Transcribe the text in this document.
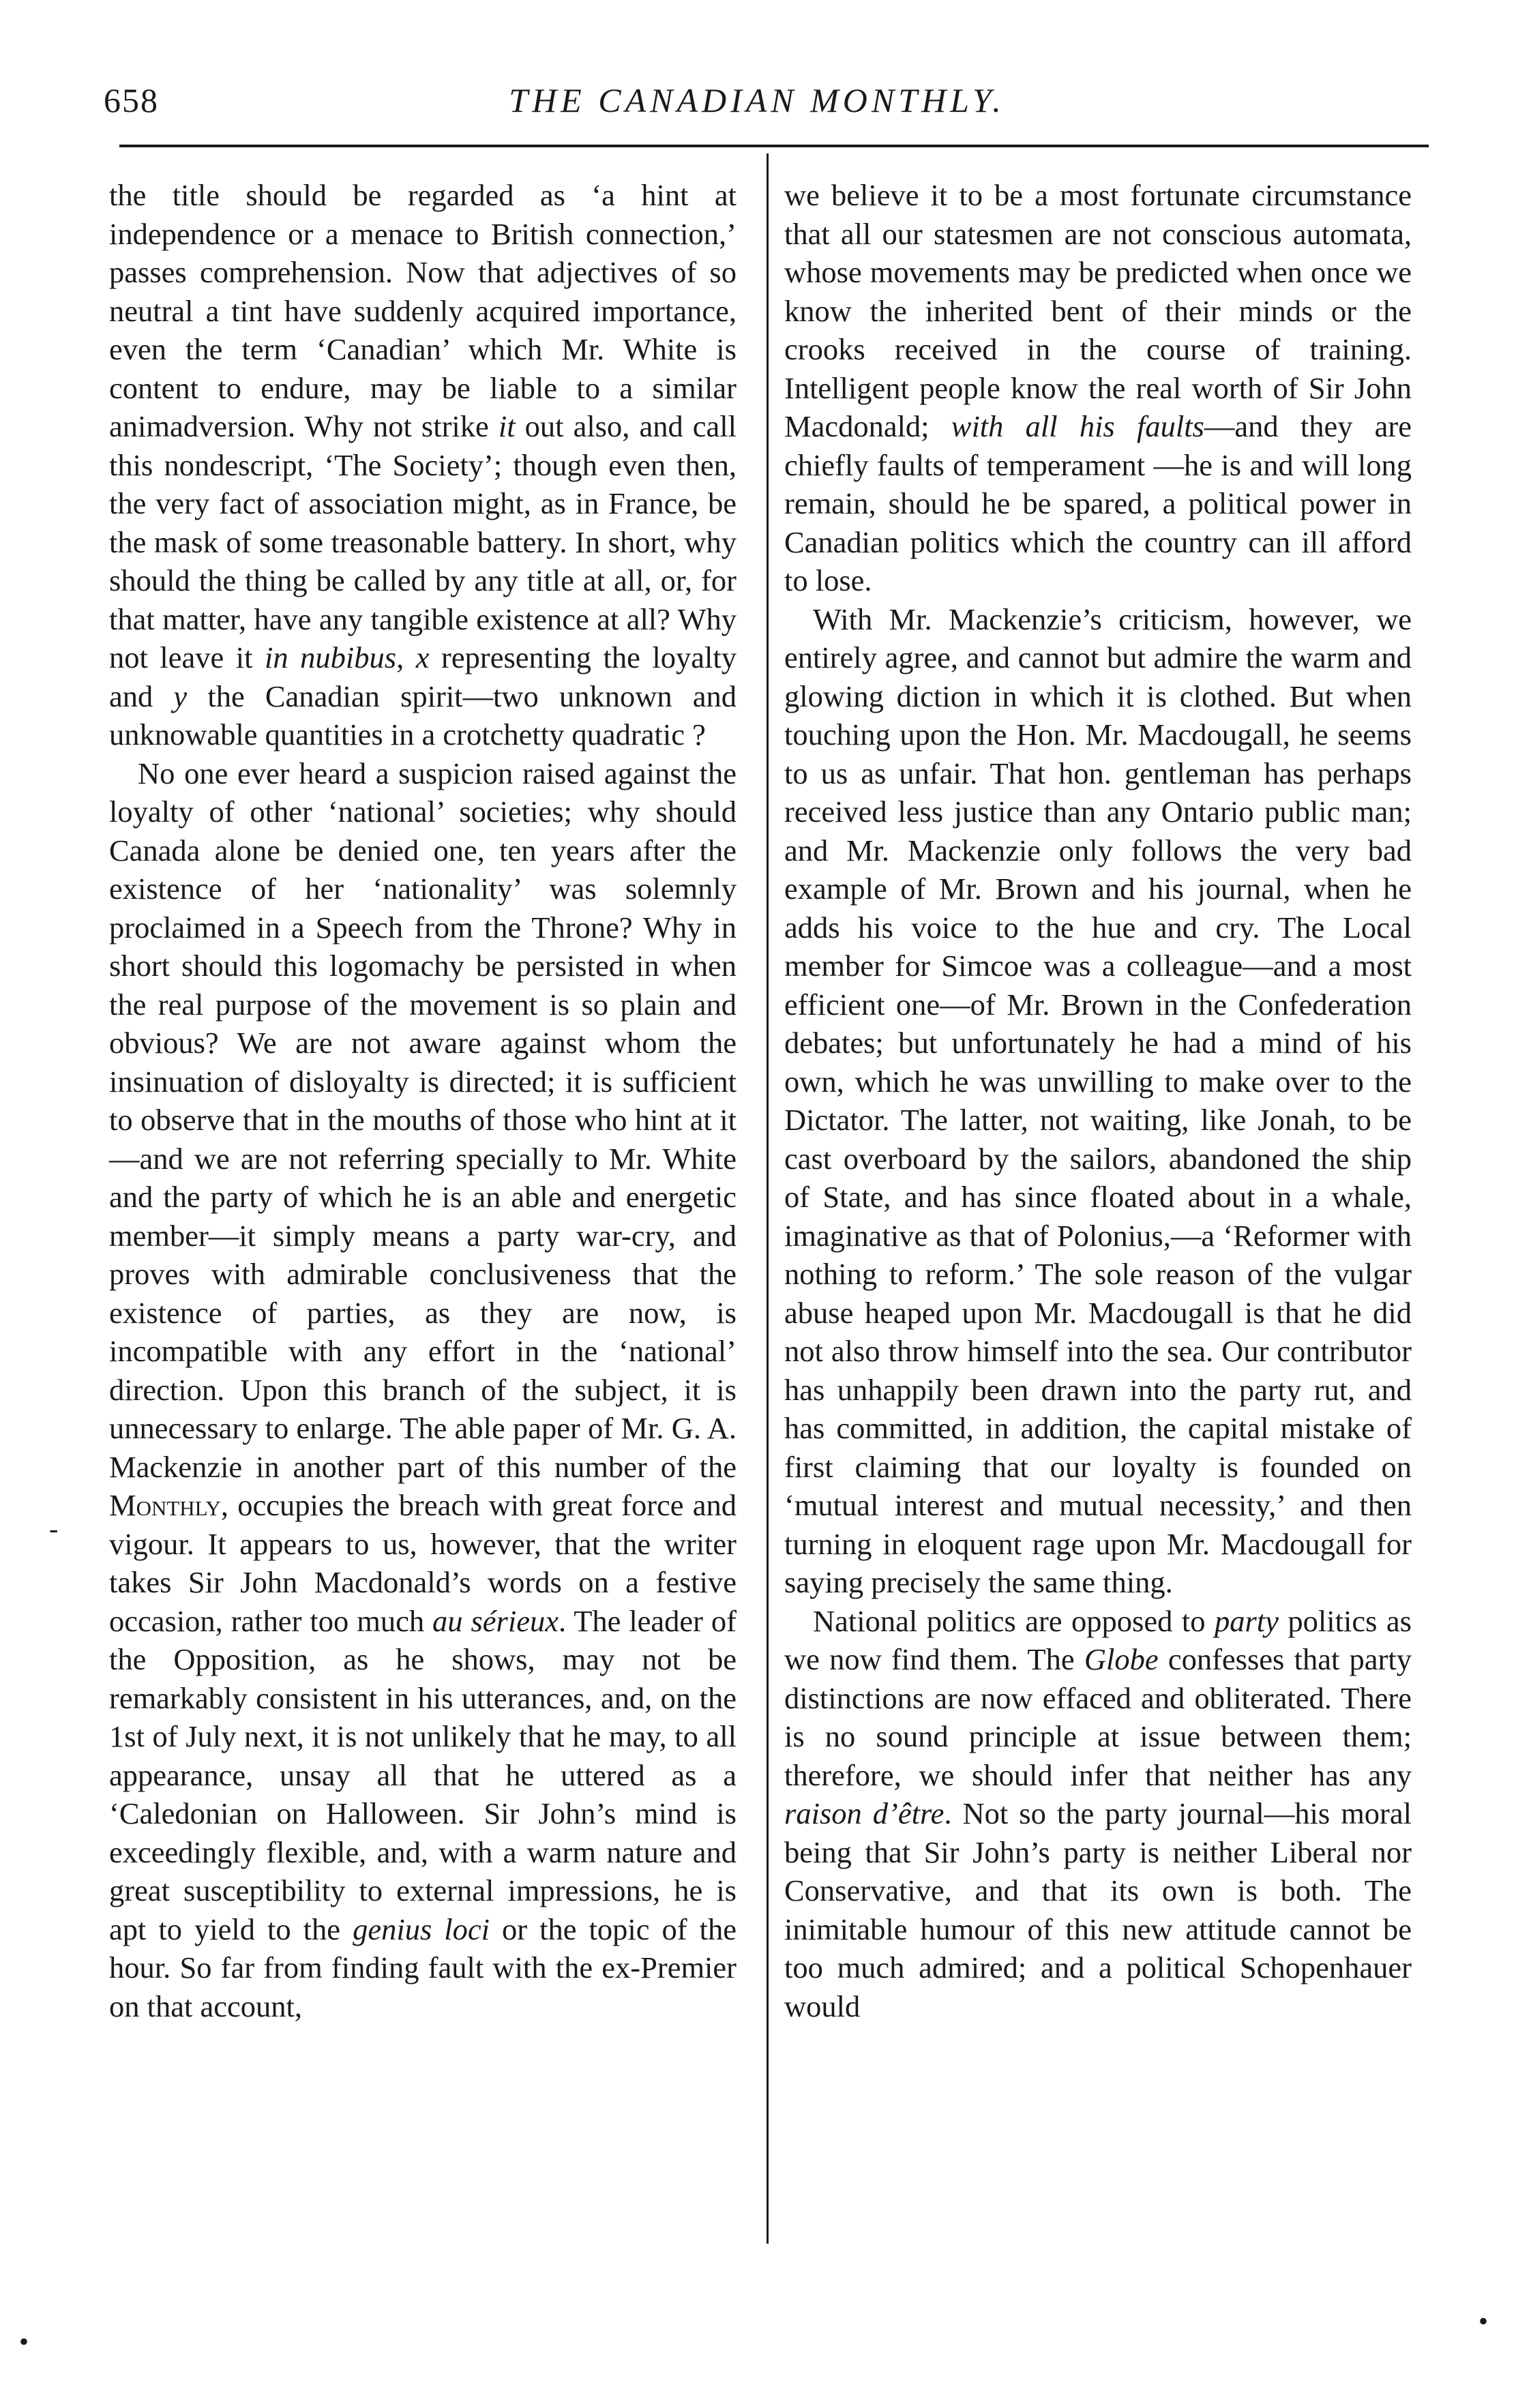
658	THE CANADIAN MONTHLY.

the title should be regarded as ‘a hint at independence or a menace to British connection,’ passes comprehension. Now that adjectives of so neutral a tint have suddenly acquired importance, even the term ‘Canadian’ which Mr. White is content to endure, may be liable to a similar animadversion. Why not strike it out also, and call this nondescript, ‘The Society’; though even then, the very fact of association might, as in France, be the mask of some treasonable battery. In short, why should the thing be called by any title at all, or, for that matter, have any tangible existence at all? Why not leave it in nubibus, x representing the loyalty and y the Canadian spirit—two unknown and unknowable quantities in a crotchetty quadratic ?

No one ever heard a suspicion raised against the loyalty of other ‘national’ societies; why should Canada alone be denied one, ten years after the existence of her ‘nationality’ was solemnly proclaimed in a Speech from the Throne? Why in short should this logomachy be persisted in when the real purpose of the movement is so plain and obvious? We are not aware against whom the insinuation of disloyalty is directed; it is sufficient to observe that in the mouths of those who hint at it—and we are not referring specially to Mr. White and the party of which he is an able and energetic member—it simply means a party war-cry, and proves with admirable conclusiveness that the existence of parties, as they are now, is incompatible with any effort in the ‘national’ direction. Upon this branch of the subject, it is unnecessary to enlarge. The able paper of Mr. G. A. Mackenzie in another part of this number of the Monthly, occupies the breach with great force and vigour. It appears to us, however, that the writer takes Sir John Macdonald’s words on a festive occasion, rather too much au sérieux. The leader of the Opposition, as he shows, may not be remarkably consistent in his utterances, and, on the 1st of July next, it is not unlikely that he may, to all appearance, unsay all that he uttered as a ‘Caledonian on Halloween. Sir John’s mind is exceedingly flexible, and, with a warm nature and great susceptibility to external impressions, he is apt to yield to the genius loci or the topic of the hour. So far from finding fault with the ex-Premier on that account,

we believe it to be a most fortunate circumstance that all our statesmen are not conscious automata, whose movements may be predicted when once we know the inherited bent of their minds or the crooks received in the course of training. Intelligent people know the real worth of Sir John Macdonald; with all his faults—and they are chiefly faults of temperament —he is and will long remain, should he be spared, a political power in Canadian politics which the country can ill afford to lose.

With Mr. Mackenzie’s criticism, however, we entirely agree, and cannot but admire the warm and glowing diction in which it is clothed. But when touching upon the Hon. Mr. Macdougall, he seems to us as unfair. That hon. gentleman has perhaps received less justice than any Ontario public man; and Mr. Mackenzie only follows the very bad example of Mr. Brown and his journal, when he adds his voice to the hue and cry. The Local member for Simcoe was a colleague—and a most efficient one—of Mr. Brown in the Confederation debates; but unfortunately he had a mind of his own, which he was unwilling to make over to the Dictator. The latter, not waiting, like Jonah, to be cast overboard by the sailors, abandoned the ship of State, and has since floated about in a whale, imaginative as that of Polonius,—a ‘Reformer with nothing to reform.’ The sole reason of the vulgar abuse heaped upon Mr. Macdougall is that he did not also throw himself into the sea. Our contributor has unhappily been drawn into the party rut, and has committed, in addition, the capital mistake of first claiming that our loyalty is founded on ‘mutual interest and mutual necessity,’ and then turning in eloquent rage upon Mr. Macdougall for saying precisely the same thing.

National politics are opposed to party politics as we now find them. The Globe confesses that party distinctions are now effaced and obliterated. There is no sound principle at issue between them; therefore, we should infer that neither has any raison d’être. Not so the party journal—his moral being that Sir John’s party is neither Liberal nor Conservative, and that its own is both. The inimitable humour of this new attitude cannot be too much admired; and a political Schopenhauer would

-
•
•
